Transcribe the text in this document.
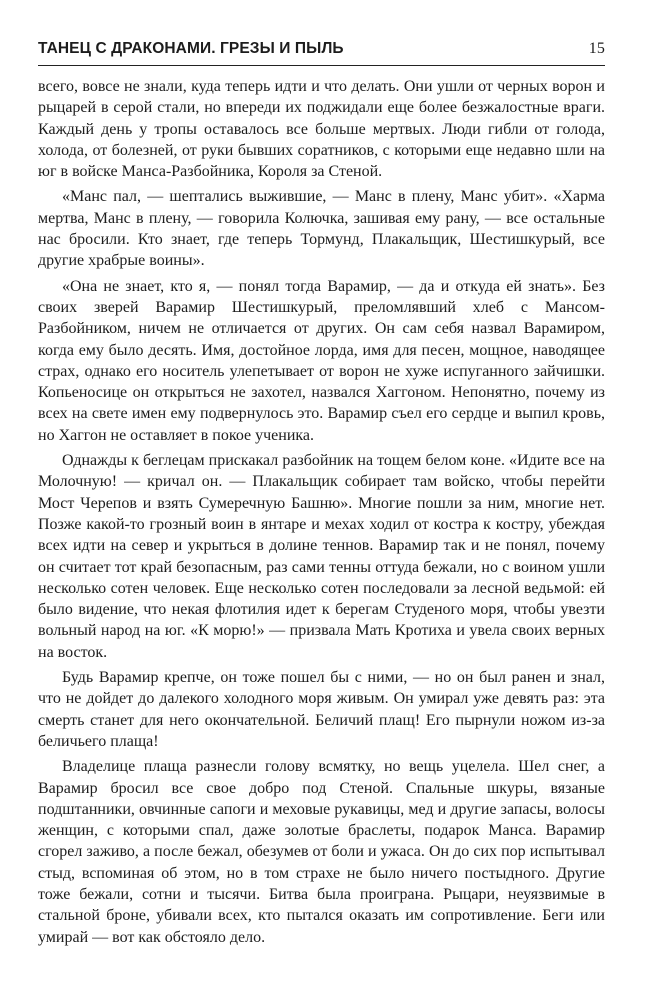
ТАНЕЦ С ДРАКОНАМИ. ГРЕЗЫ И ПЫЛЬ	15

всего, вовсе не знали, куда теперь идти и что делать. Они ушли от черных ворон и рыцарей в серой стали, но впереди их поджидали еще более безжалостные враги. Каждый день у тропы оставалось все больше мертвых. Люди гибли от голода, холода, от болезней, от руки бывших соратников, с которыми еще недавно шли на юг в войске Манса-Разбойника, Короля за Стеной.

«Манс пал, — шептались выжившие, — Манс в плену, Манс убит». «Харма мертва, Манс в плену, — говорила Колючка, зашивая ему рану, — все остальные нас бросили. Кто знает, где теперь Тормунд, Плакальщик, Шестишкурый, все другие храбрые воины».

«Она не знает, кто я, — понял тогда Варамир, — да и откуда ей знать». Без своих зверей Варамир Шестишкурый, преломлявший хлеб с Мансом-Разбойником, ничем не отличается от других. Он сам себя назвал Варамиром, когда ему было десять. Имя, достойное лорда, имя для песен, мощное, наводящее страх, однако его носитель улепетывает от ворон не хуже испуганного зайчишки. Копьеносице он открыться не захотел, назвался Хаггоном. Непонятно, почему из всех на свете имен ему подвернулось это. Варамир съел его сердце и выпил кровь, но Хаггон не оставляет в покое ученика.

Однажды к беглецам прискакал разбойник на тощем белом коне. «Идите все на Молочную! — кричал он. — Плакальщик собирает там войско, чтобы перейти Мост Черепов и взять Сумеречную Башню». Многие пошли за ним, многие нет. Позже какой-то грозный воин в янтаре и мехах ходил от костра к костру, убеждая всех идти на север и укрыться в долине теннов. Варамир так и не понял, почему он считает тот край безопасным, раз сами тенны оттуда бежали, но с воином ушли несколько сотен человек. Еще несколько сотен последовали за лесной ведьмой: ей было видение, что некая флотилия идет к берегам Студеного моря, чтобы увезти вольный народ на юг. «К морю!» — призвала Мать Кротиха и увела своих верных на восток.

Будь Варамир крепче, он тоже пошел бы с ними, — но он был ранен и знал, что не дойдет до далекого холодного моря живым. Он умирал уже девять раз: эта смерть станет для него окончательной. Беличий плащ! Его пырнули ножом из-за беличьего плаща!

Владелице плаща разнесли голову всмятку, но вещь уцелела. Шел снег, а Варамир бросил все свое добро под Стеной. Спальные шкуры, вязаные подштанники, овчинные сапоги и меховые рукавицы, мед и другие запасы, волосы женщин, с которыми спал, даже золотые браслеты, подарок Манса. Варамир сгорел заживо, а после бежал, обезумев от боли и ужаса. Он до сих пор испытывал стыд, вспоминая об этом, но в том страхе не было ничего постыдного. Другие тоже бежали, сотни и тысячи. Битва была проиграна. Рыцари, неуязвимые в стальной броне, убивали всех, кто пытался оказать им сопротивление. Беги или умирай — вот как обстояло дело.
